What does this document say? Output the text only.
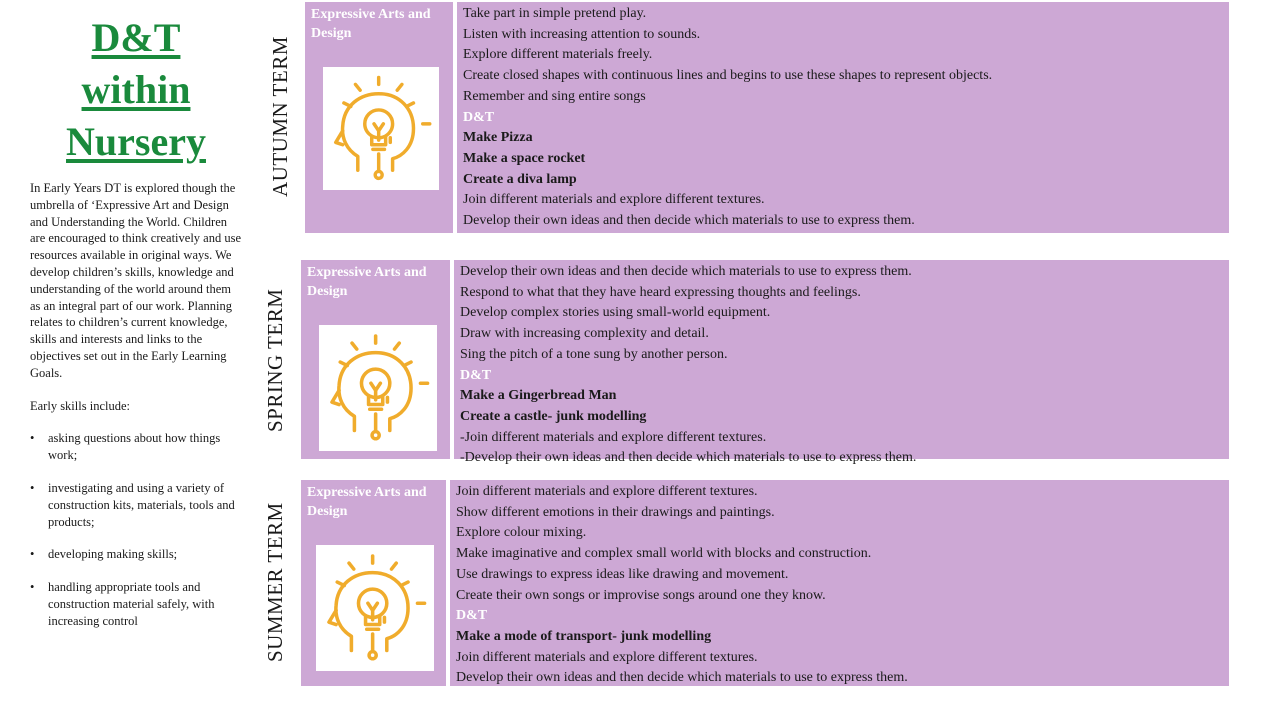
D&T
within
Nursery

In Early Years DT is explored though the umbrella of ‘Expressive Art and Design and Understanding the World. Children are encouraged to think creatively and use resources available in original ways. We develop children’s skills, knowledge and understanding of the world around them as an integral part of our work. Planning relates to children’s current knowledge, skills and interests and links to the objectives set out in the Early Learning Goals.

Early skills include:

• asking questions about how things work;
• investigating and using a variety of construction kits, materials, tools and products;
• developing making skills;
• handling appropriate tools and construction material safely, with increasing control
AUTUMN TERM
Expressive Arts and Design
Take part in simple pretend play.
Listen with increasing attention to sounds.
Explore different materials freely.
Create closed shapes with continuous lines and begins to use these shapes to represent objects.
Remember and sing entire songs
D&T
Make Pizza
Make a space rocket
Create a diva lamp
Join different materials and explore different textures.
Develop their own ideas and then decide which materials to use to express them.
SPRING TERM
Expressive Arts and Design
Develop their own ideas and then decide which materials to use to express them.
Respond to what that they have heard expressing thoughts and feelings.
Develop complex stories using small-world equipment.
Draw with increasing complexity and detail.
Sing the pitch of a tone sung by another person.
D&T
Make a Gingerbread Man
Create a castle- junk modelling
-Join different materials and explore different textures.
-Develop their own ideas and then decide which materials to use to express them.
SUMMER TERM
Expressive Arts and Design
Join different materials and explore different textures.
Show different emotions in their drawings and paintings.
Explore colour mixing.
Make imaginative and complex small world with blocks and construction.
Use drawings to express ideas like drawing and movement.
Create their own songs or improvise songs around one they know.
D&T
Make a mode of transport- junk modelling
Join different materials and explore different textures.
Develop their own ideas and then decide which materials to use to express them.
